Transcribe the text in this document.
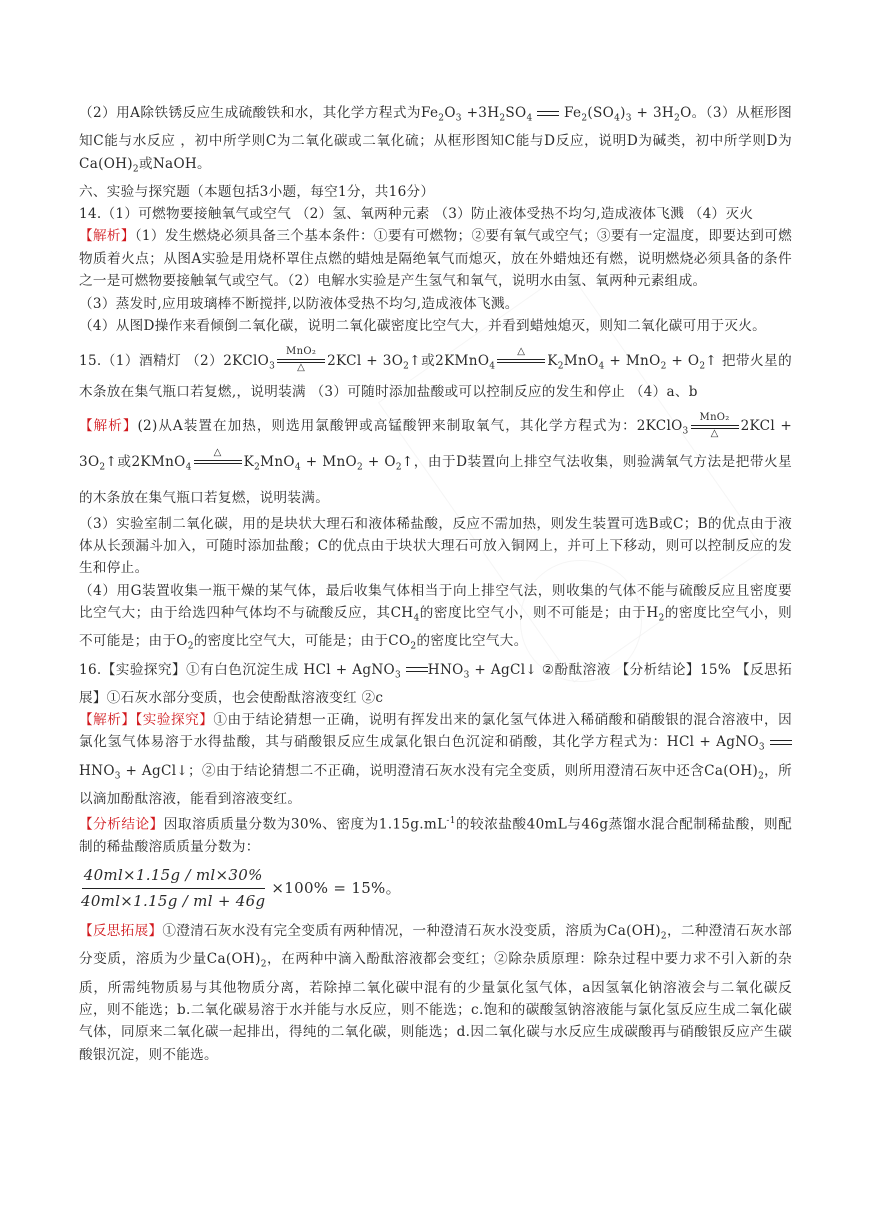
（2）用A除铁锈反应生成硫酸铁和水，其化学方程式为$Fe_2O_3 +3H_2SO_4$ $Fe_2(SO_4)_3 + 3H_2O$。（3）从框形图知C能与水反应 ，初中所学则C为二氧化碳或二氧化硫；从框形图知C能与D反应，说明D为碱类，初中所学则D为$Ca(OH)_2$或NaOH。

六、实验与探究题（本题包括3小题，每空1分，共16分）

14.（1）可燃物要接触氧气或空气 （2）氢、氧两种元素 （3）防止液体受热不均匀,造成液体飞溅 （4）灭火

【解析】（1）发生燃烧必须具备三个基本条件：①要有可燃物；②要有氧气或空气；③要有一定温度，即要达到可燃物质着火点；从图A实验是用烧杯罩住点燃的蜡烛是隔绝氧气而熄灭，放在外蜡烛还有燃，说明燃烧必须具备的条件之一是可燃物要接触氧气或空气。（2）电解水实验是产生氢气和氧气，说明水由氢、氧两种元素组成。

（3）蒸发时,应用玻璃棒不断搅拌,以防液体受热不均匀,造成液体飞溅。

（4）从图D操作来看倾倒二氧化碳，说明二氧化碳密度比空气大，并看到蜡烛熄灭，则知二氧化碳可用于灭火。

15.（1）酒精灯 （2）2KClO$_3$
MnO₂
△	$2KCl + 3O_2↑$或2KMnO$_4$
△
$K_2MnO_4 + MnO_2$ + $O_2↑$ 把带火星的木条放在集气瓶口若复燃,，说明装满 （3）可随时添加盐酸或可以控制反应的发生和停止 （4）a、b

【解析】(2)从A装置在加热，则选用氯酸钾或高锰酸钾来制取氧气，其化学方程式为：2KClO$_3$
MnO₂
△	$2KCl + 3O_2↑$或2KMnO$_4$
△
$K_2MnO_4 + MnO_2$ + $O_2↑$，由于D装置向上排空气法收集，则验满氧气方法是把带火星的木条放在集气瓶口若复燃，说明装满。

（3）实验室制二氧化碳，用的是块状大理石和液体稀盐酸，反应不需加热，则发生装置可选B或C；B的优点由于液体从长颈漏斗加入，可随时添加盐酸；C的优点由于块状大理石可放入铜网上，并可上下移动，则可以控制反应的发生和停止。

（4）用G装置收集一瓶干燥的某气体，最后收集气体相当于向上排空气法，则收集的气体不能与硫酸反应且密度要比空气大；由于给选四种气体均不与硫酸反应，其$CH_4$的密度比空气小，则不可能是；由于$H_2$的密度比空气小，则不可能是；由于$O_2$的密度比空气大，可能是；由于$CO_2$的密度比空气大。

16.【实验探究】①有白色沉淀生成 HCl + AgNO$_3$ $HNO_3$ + AgCl↓ ②酚酞溶液 【分析结论】15% 【反思拓展】①石灰水部分变质，也会使酚酞溶液变红 ②c

【解析】【实验探究】①由于结论猜想一正确，说明有挥发出来的氯化氢气体进入稀硝酸和硝酸银的混合溶液中，因氯化氢气体易溶于水得盐酸，其与硝酸银反应生成氯化银白色沉淀和硝酸，其化学方程式为：HCl + AgNO$_3$ $HNO_3$ + AgCl↓；②由于结论猜想二不正确，说明澄清石灰水没有完全变质，则所用澄清石灰中还含$Ca(OH)_2$，所以滴加酚酞溶液，能看到溶液变红。

【分析结论】因取溶质质量分数为30%、密度为$1.15g.mL^{-1}$的较浓盐酸40mL与46g蒸馏水混合配制稀盐酸，则配制的稀盐酸溶质质量分数为：

$\frac{40ml\times 1.15g / ml\times 30\%}{40ml\times 1.15g / ml + 46g} \times 100\% = 15\%$。

【反思拓展】①澄清石灰水没有完全变质有两种情况，一种澄清石灰水没变质，溶质为$Ca(OH)_2$，二种澄清石灰水部分变质，溶质为少量$Ca(OH)_2$，在两种中滴入酚酞溶液都会变红；②除杂质原理：除杂过程中要力求不引入新的杂质，所需纯物质易与其他物质分离，若除掉二氧化碳中混有的少量氯化氢气体，a因氢氧化钠溶液会与二氧化碳反应，则不能选；b.二氧化碳易溶于水并能与水反应，则不能选；c.饱和的碳酸氢钠溶液能与氯化氢反应生成二氧化碳气体，同原来二氧化碳一起排出，得纯的二氧化碳，则能选；d.因二氧化碳与水反应生成碳酸再与硝酸银反应产生碳酸银沉淀，则不能选。
